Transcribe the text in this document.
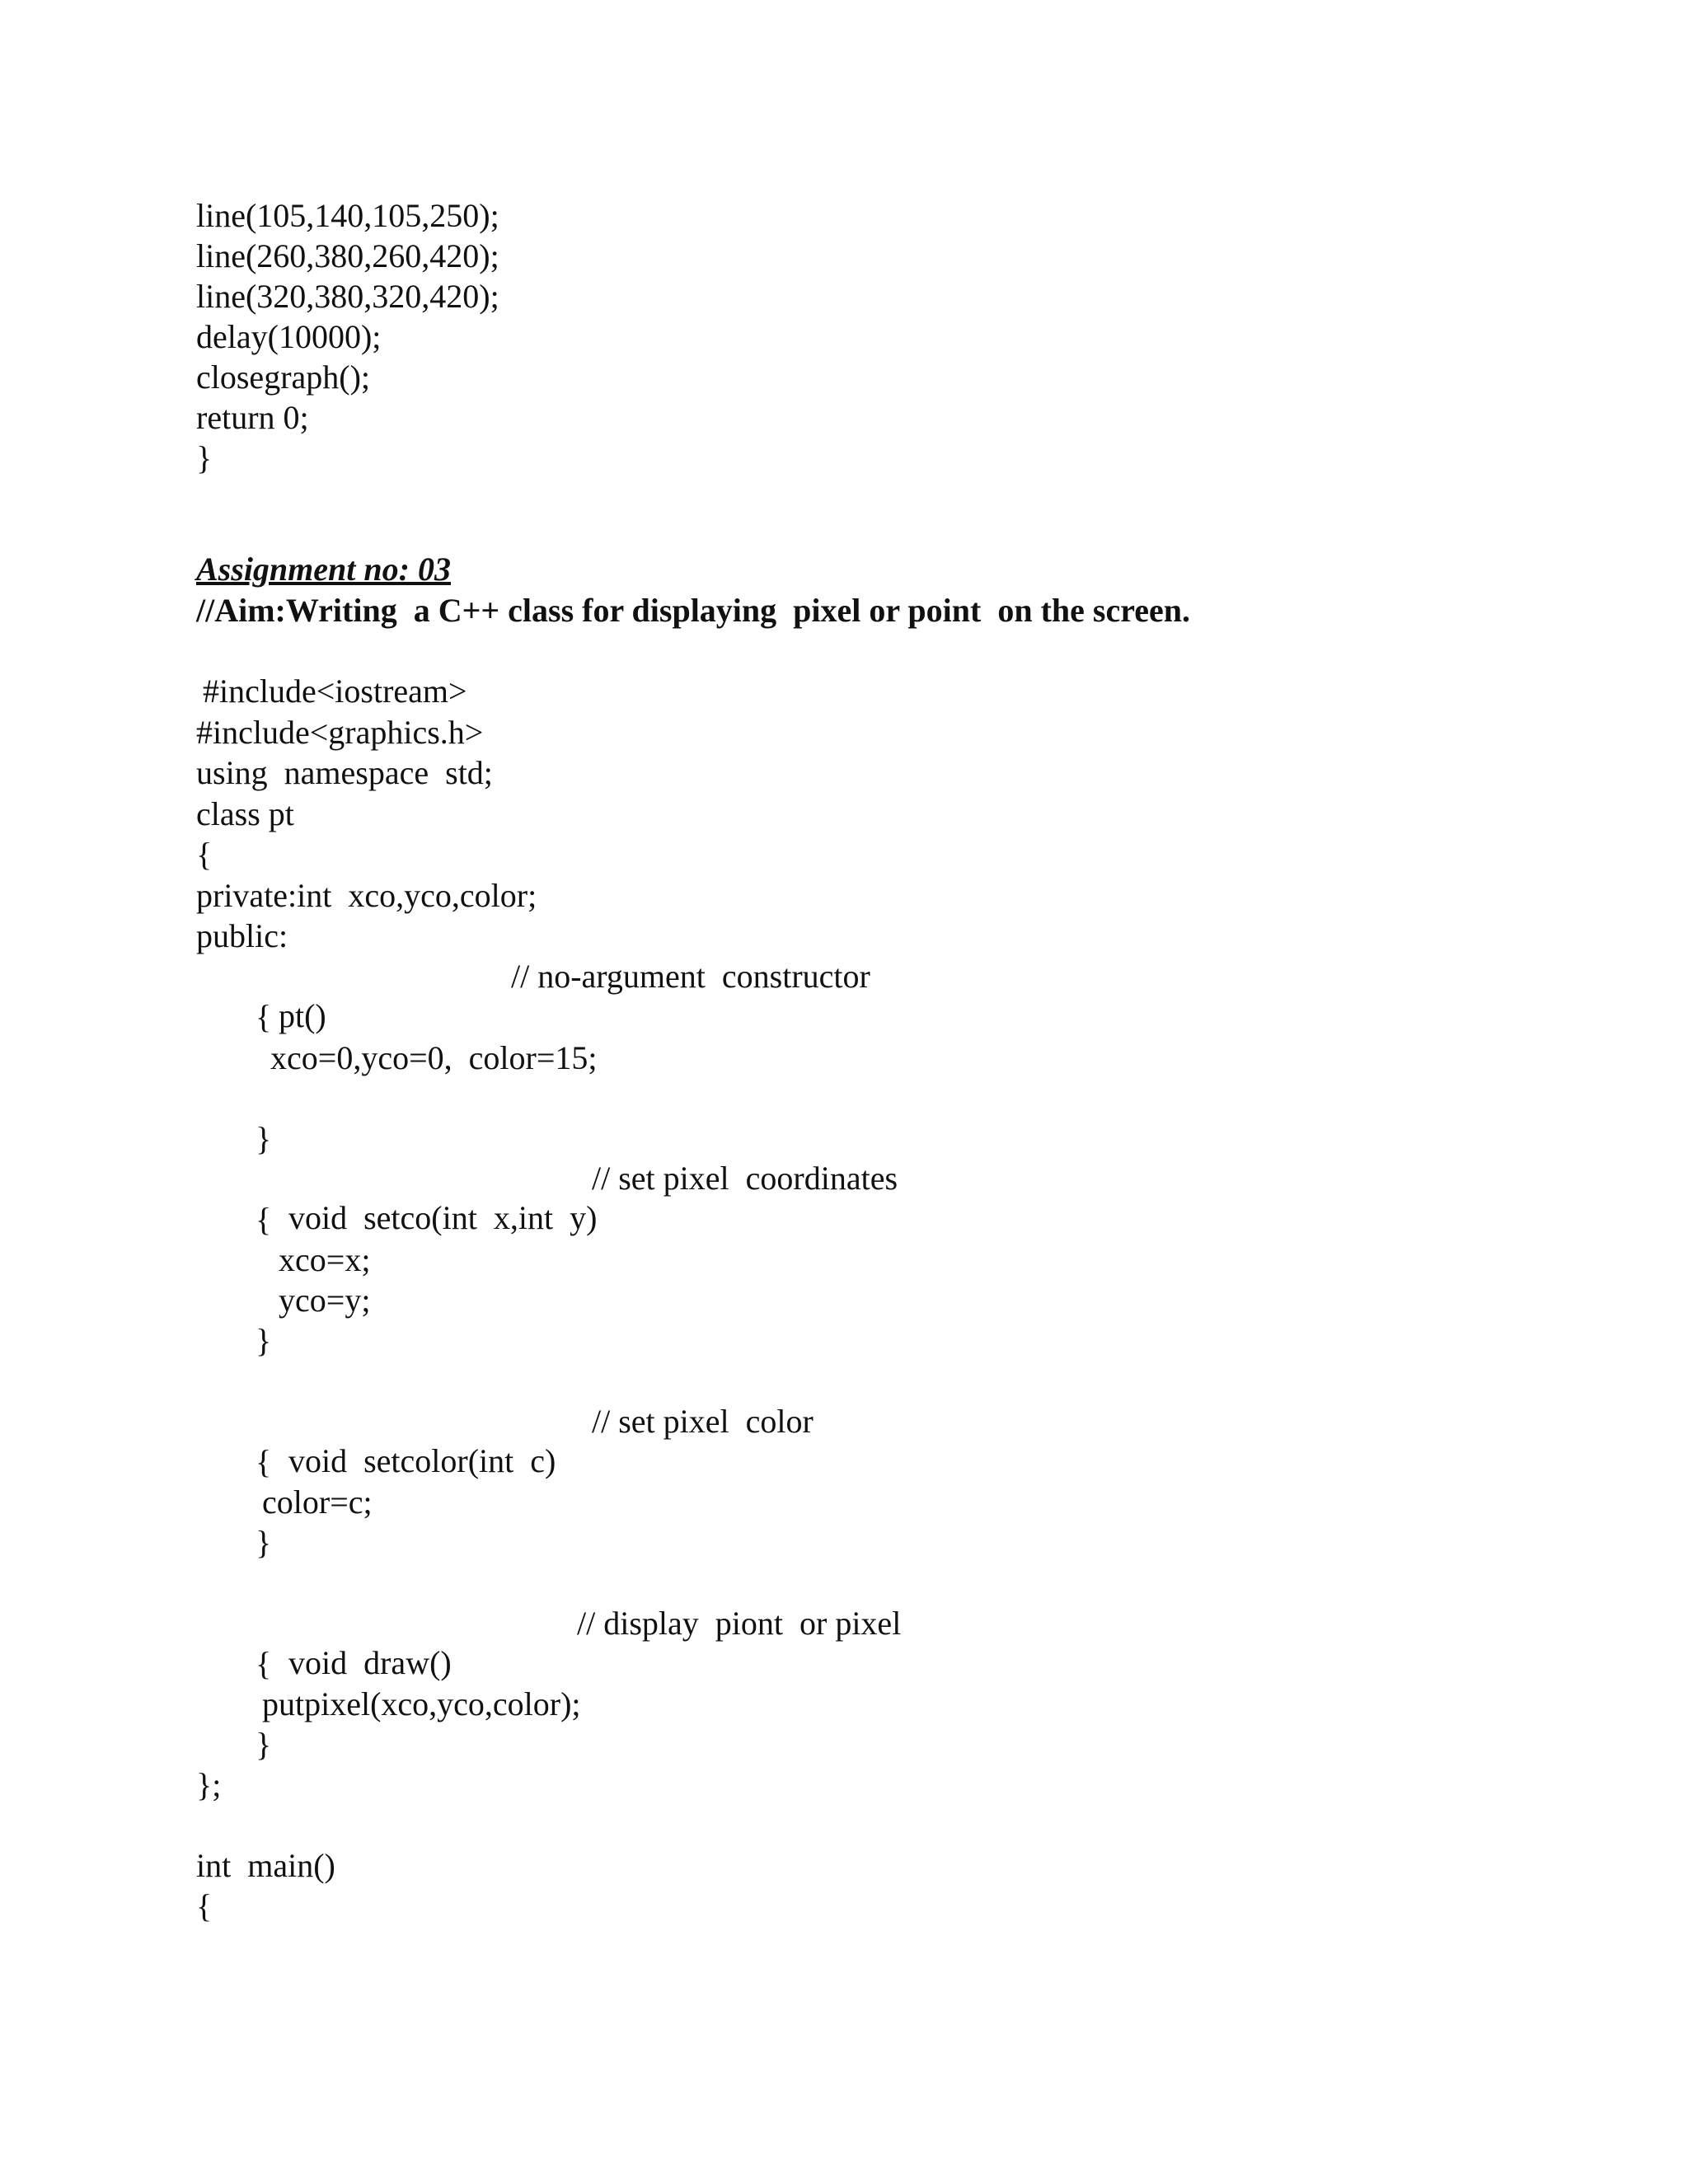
line(105,140,105,250);
line(260,380,260,420);
line(320,380,320,420);
delay(10000);
closegraph();
return 0;
}
Assignment no: 03
//Aim:Writing  a C++ class for displaying  pixel or point  on the screen.
#include<iostream>
#include<graphics.h>
using  namespace  std;
class pt
{
private:int  xco,yco,color;
public:

pt()

// no-argument  constructor

{
xco=0,yco=0,  color=15;
}

void  setco(int  x,int  y)

// set pixel  coordinates

{
xco=x;
yco=y;
}

void  setcolor(int  c)

// set pixel  color

{
color=c;
}

void  draw()

// display  piont  or pixel

{
putpixel(xco,yco,color);
}
};
int  main()
{
